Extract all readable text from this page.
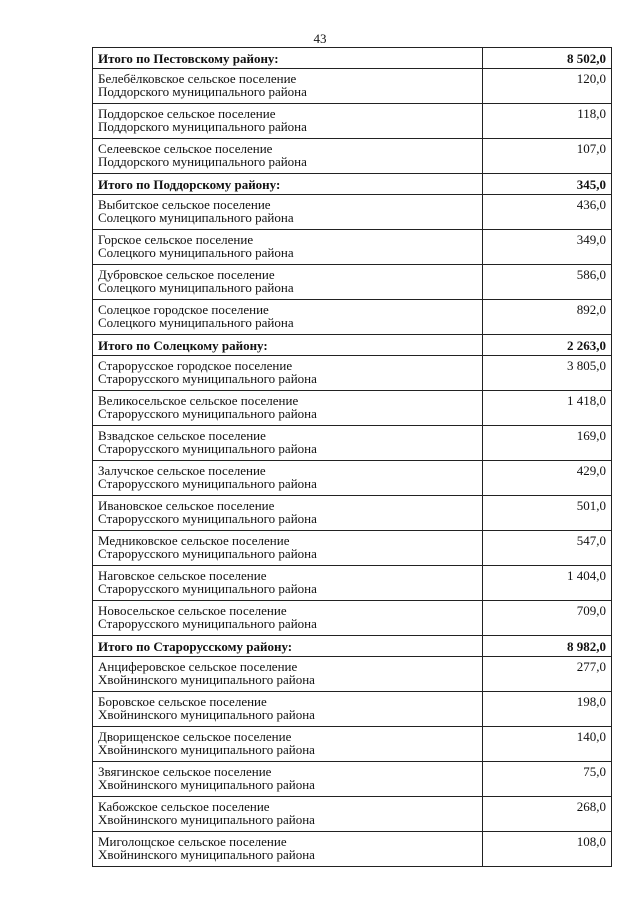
43
Итого по Пестовскому району:	8 502,0

Белебёлковское сельское поселение
Поддорского муниципального района	120,0

Поддорское сельское поселение
Поддорского муниципального района	118,0

Селеевское сельское поселение
Поддорского муниципального района	107,0
Итого по Поддорскому району:	345,0

Выбитское сельское поселение
Солецкого муниципального района	436,0

Горское сельское поселение
Солецкого муниципального района	349,0

Дубровское сельское поселение
Солецкого муниципального района	586,0

Солецкое городское поселение
Солецкого муниципального района	892,0
Итого по Солецкому району:	2 263,0

Старорусское городское поселение
Старорусского муниципального района	3 805,0

Великосельское сельское поселение
Старорусского муниципального района	1 418,0

Взвадское сельское поселение
Старорусского муниципального района	169,0

Залучское сельское поселение
Старорусского муниципального района	429,0

Ивановское сельское поселение
Старорусского муниципального района	501,0

Медниковское сельское поселение
Старорусского муниципального района	547,0

Наговское сельское поселение
Старорусского муниципального района	1 404,0

Новосельское сельское поселение
Старорусского муниципального района	709,0
Итого по Старорусскому району:	8 982,0

Анциферовское сельское поселение
Хвойнинского муниципального района	277,0

Боровское сельское поселение
Хвойнинского муниципального района	198,0

Дворищенское сельское поселение
Хвойнинского муниципального района	140,0

Звягинское сельское поселение
Хвойнинского муниципального района	75,0

Кабожское сельское поселение
Хвойнинского муниципального района	268,0

Миголощское сельское поселение
Хвойнинского муниципального района	108,0
